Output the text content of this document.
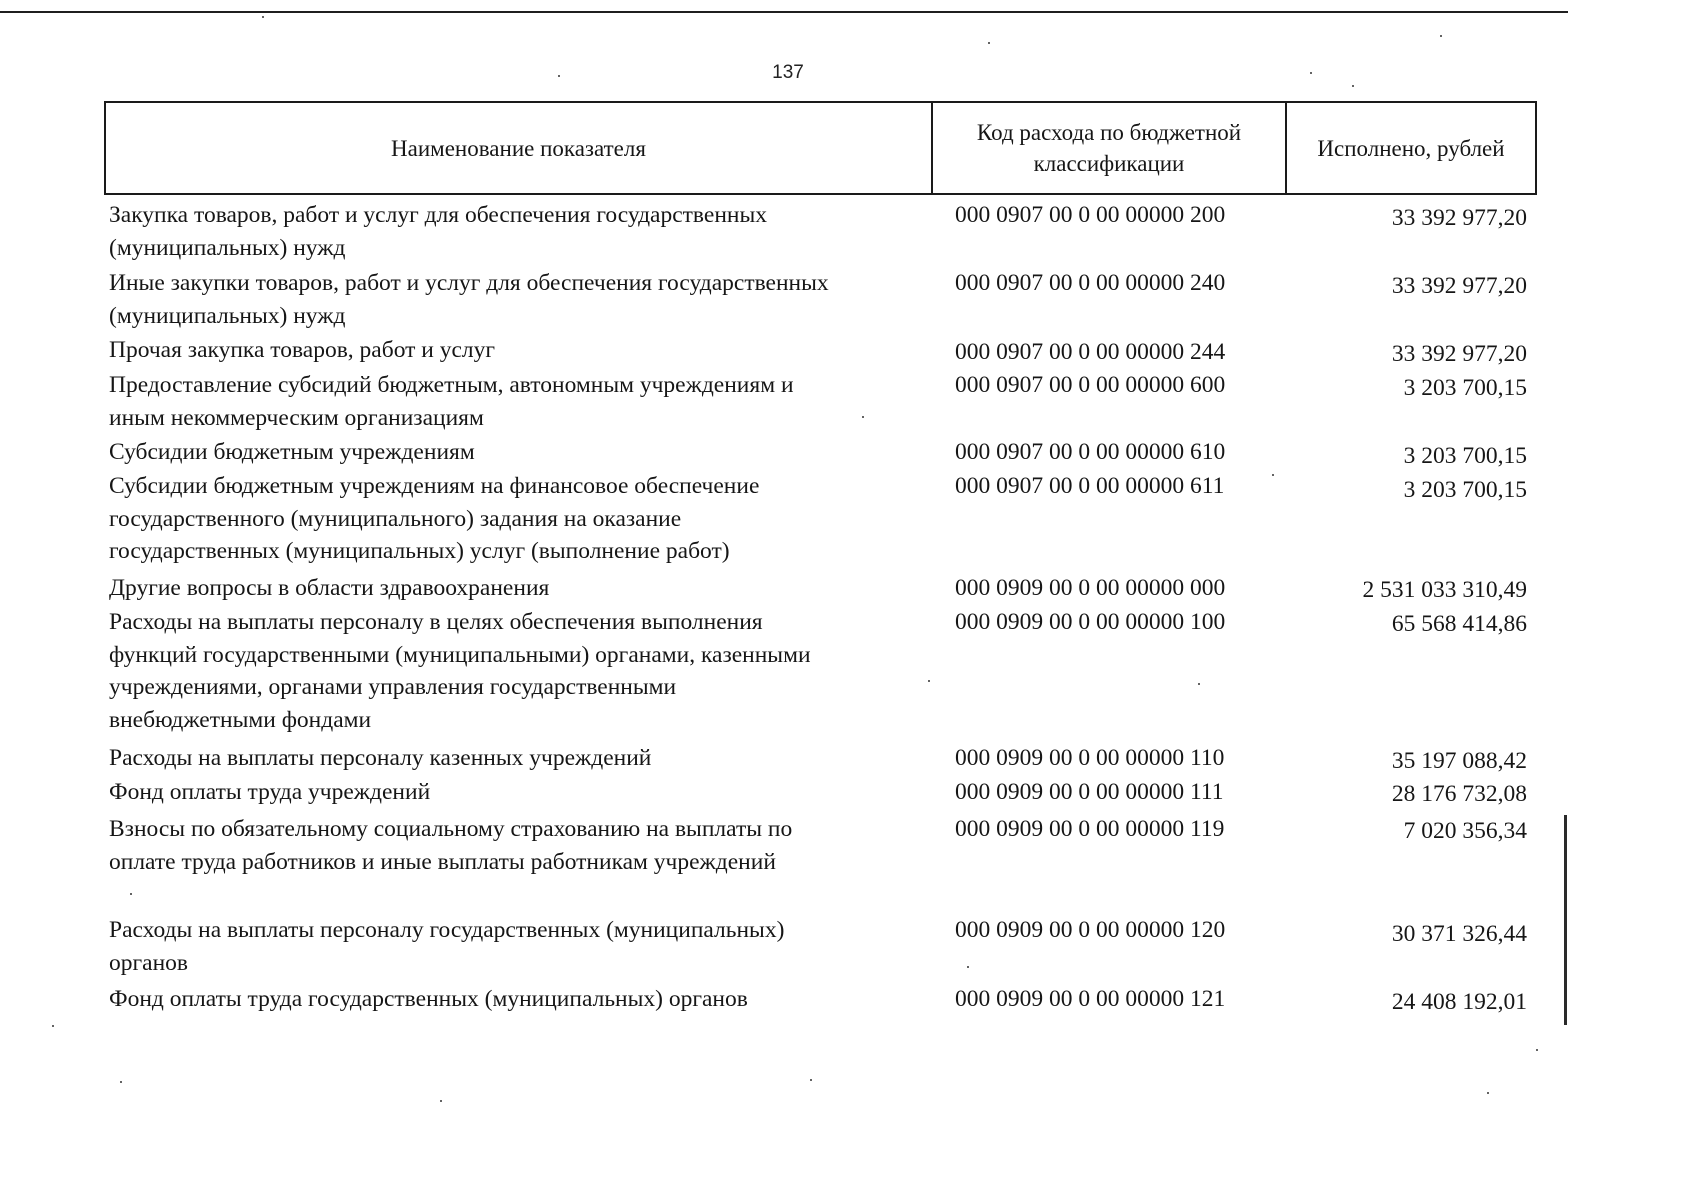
137
Наименование показателя	Код расхода по бюджетной классификации	Исполнено, рублей
Закупка товаров, работ и услуг для обеспечения государственных
(муниципальных) нужд
000 0907 00 0 00 00000 200	33 392 977,20
Иные закупки товаров, работ и услуг для обеспечения государственных
(муниципальных) нужд
000 0907 00 0 00 00000 240	33 392 977,20
Прочая закупка товаров, работ и услуг	000 0907 00 0 00 00000 244	33 392 977,20
Предоставление субсидий бюджетным, автономным учреждениям и
иным некоммерческим организациям
000 0907 00 0 00 00000 600	3 203 700,15
Субсидии бюджетным учреждениям	000 0907 00 0 00 00000 610	3 203 700,15
Субсидии бюджетным учреждениям на финансовое обеспечение
государственного (муниципального) задания на оказание
государственных (муниципальных) услуг (выполнение работ)
000 0907 00 0 00 00000 611	3 203 700,15
Другие вопросы в области здравоохранения	000 0909 00 0 00 00000 000	2 531 033 310,49
Расходы на выплаты персоналу в целях обеспечения выполнения
функций государственными (муниципальными) органами, казенными
учреждениями, органами управления государственными
внебюджетными фондами
000 0909 00 0 00 00000 100	65 568 414,86
Расходы на выплаты персоналу казенных учреждений	000 0909 00 0 00 00000 110	35 197 088,42
Фонд оплаты труда учреждений	000 0909 00 0 00 00000 111	28 176 732,08
Взносы по обязательному социальному страхованию на выплаты по
оплате труда работников и иные выплаты работникам учреждений
000 0909 00 0 00 00000 119	7 020 356,34
Расходы на выплаты персоналу государственных (муниципальных)
органов
000 0909 00 0 00 00000 120	30 371 326,44
Фонд оплаты труда государственных (муниципальных) органов	000 0909 00 0 00 00000 121	24 408 192,01
